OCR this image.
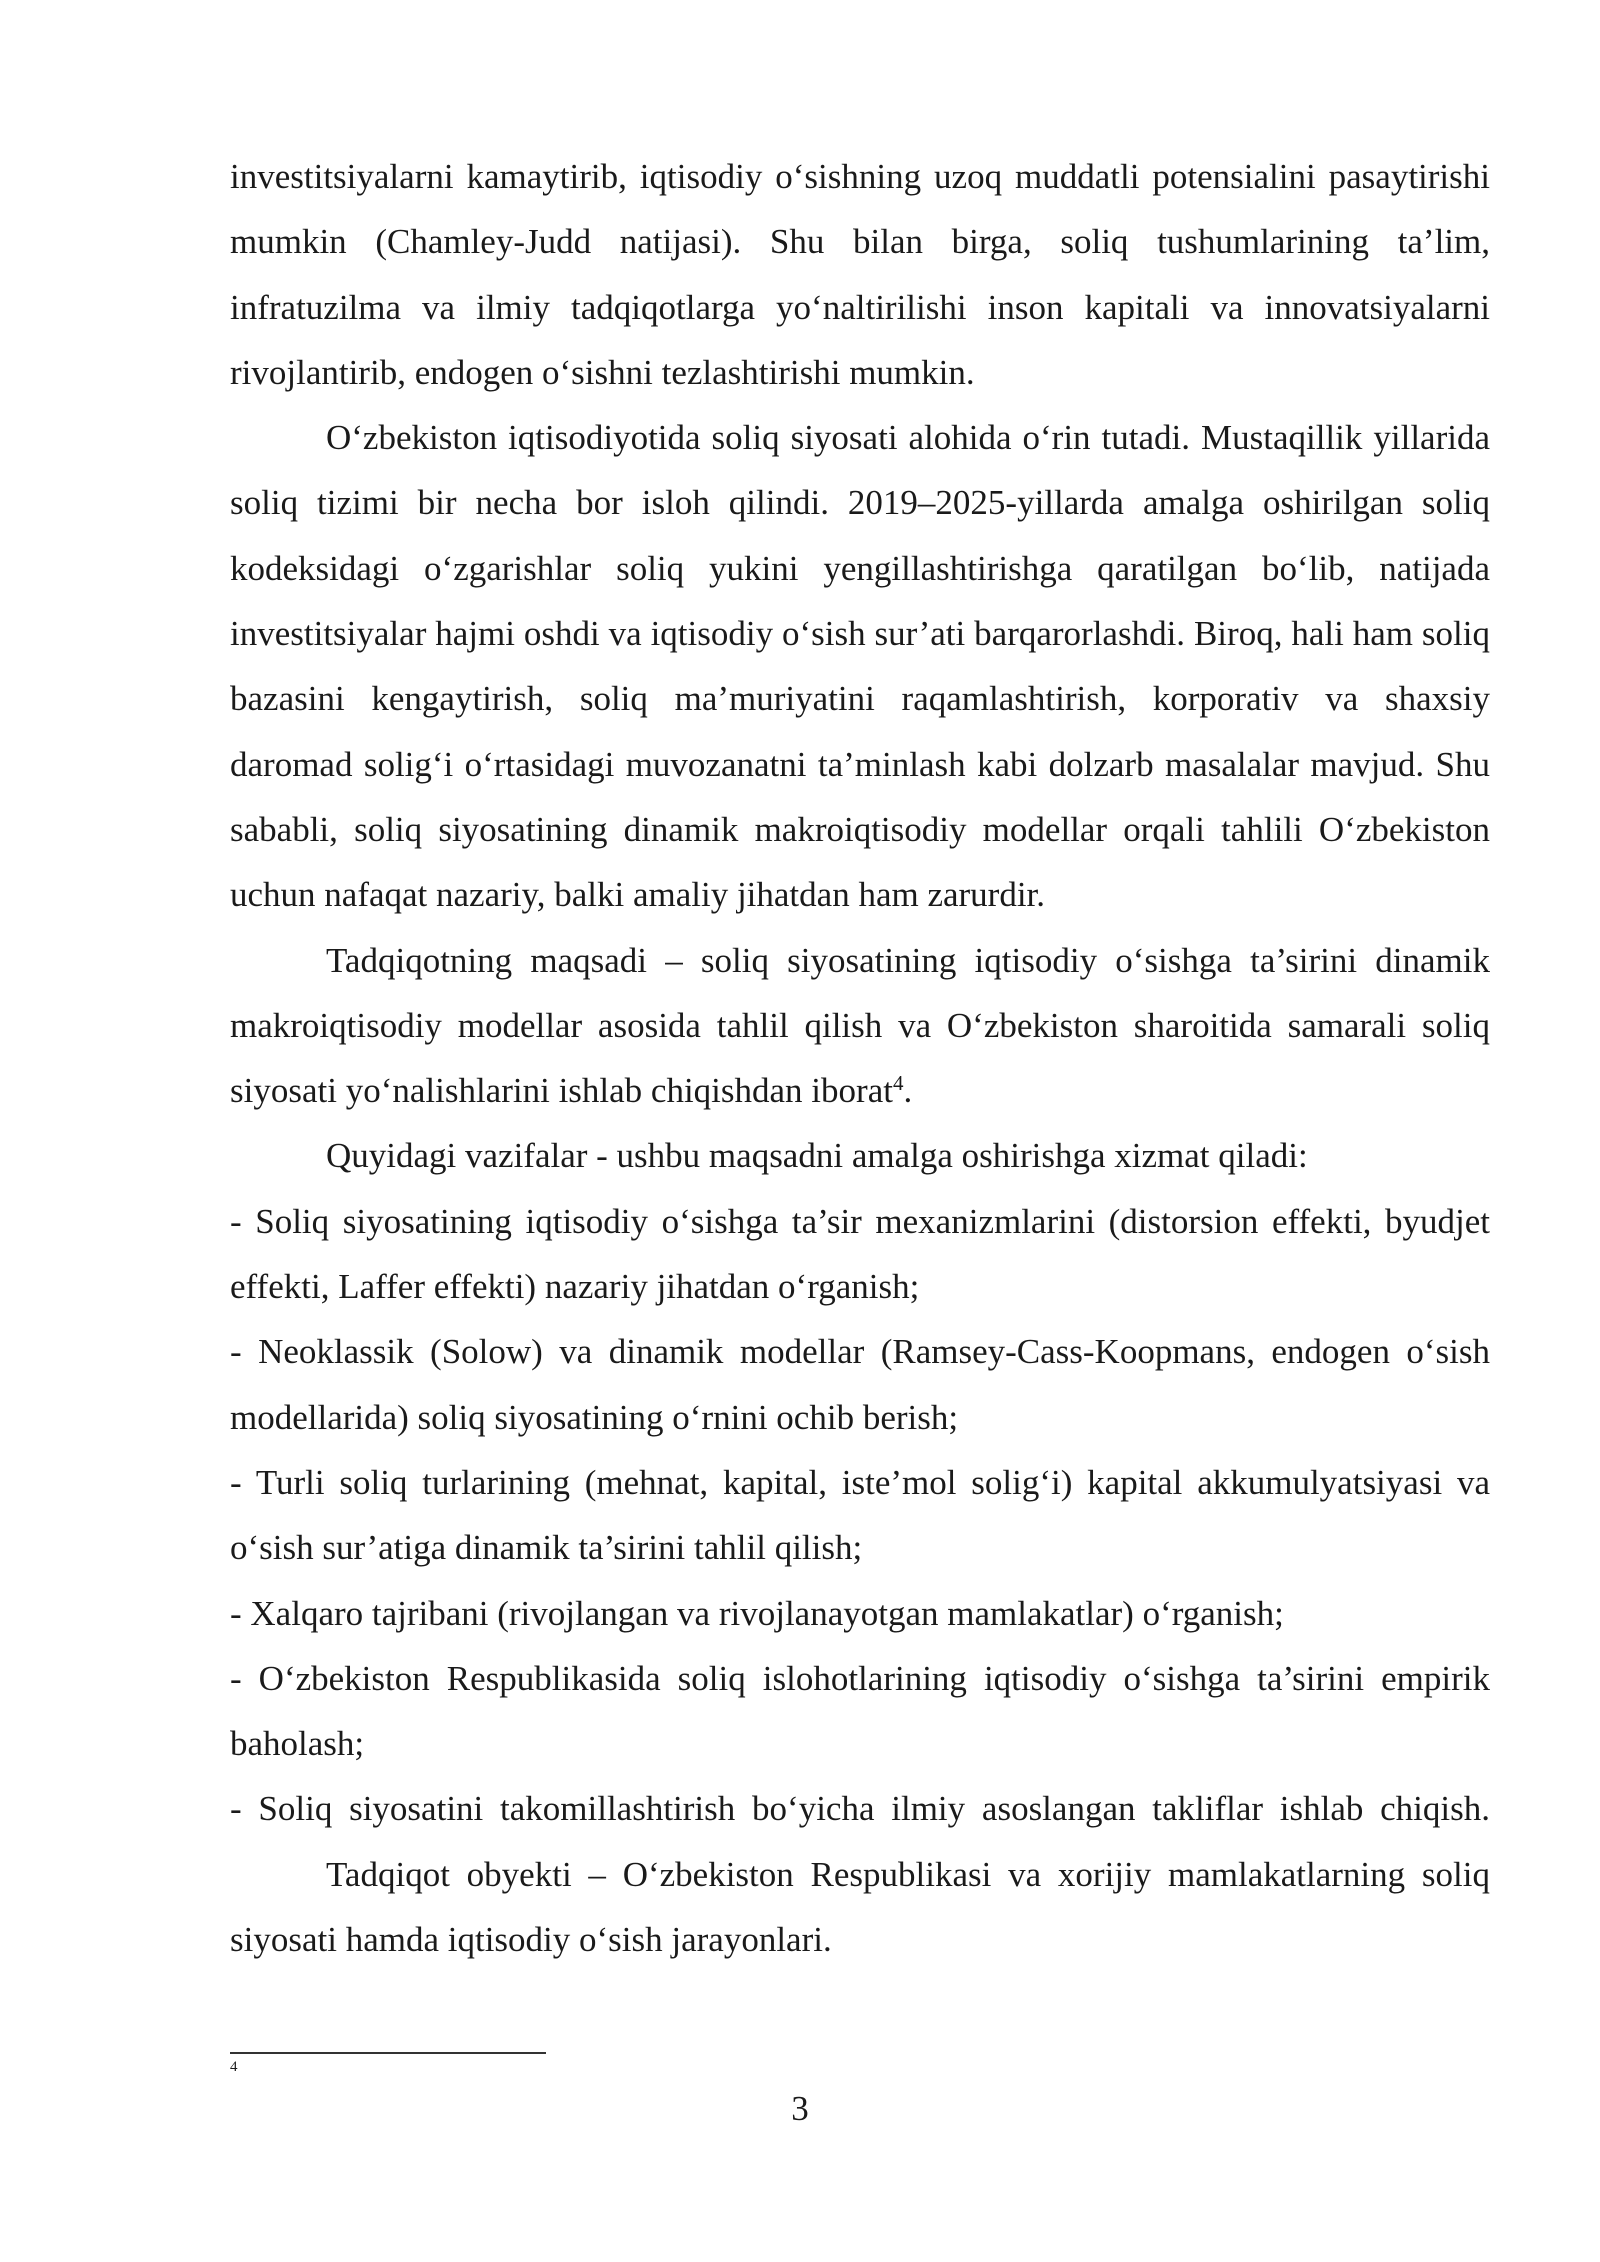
investitsiyalarni kamaytirib, iqtisodiy o‘sishning uzoq muddatli potensialini pasaytirishi mumkin (Chamley-Judd natijasi). Shu bilan birga, soliq tushumlarining ta’lim, infratuzilma va ilmiy tadqiqotlarga yo‘naltirilishi inson kapitali va innovatsiyalarni rivojlantirib, endogen o‘sishni tezlashtirishi mumkin.

O‘zbekiston iqtisodiyotida soliq siyosati alohida o‘rin tutadi. Mustaqillik yillarida soliq tizimi bir necha bor isloh qilindi. 2019–2025-yillarda amalga oshirilgan soliq kodeksidagi o‘zgarishlar soliq yukini yengillashtirishga qaratilgan bo‘lib, natijada investitsiyalar hajmi oshdi va iqtisodiy o‘sish sur’ati barqarorlashdi. Biroq, hali ham soliq bazasini kengaytirish, soliq ma’muriyatini raqamlashtirish, korporativ va shaxsiy daromad solig‘i o‘rtasidagi muvozanatni ta’minlash kabi dolzarb masalalar mavjud. Shu sababli, soliq siyosatining dinamik makroiqtisodiy modellar orqali tahlili O‘zbekiston uchun nafaqat nazariy, balki amaliy jihatdan ham zarurdir.

Tadqiqotning maqsadi – soliq siyosatining iqtisodiy o‘sishga ta’sirini dinamik makroiqtisodiy modellar asosida tahlil qilish va O‘zbekiston sharoitida samarali soliq siyosati yo‘nalishlarini ishlab chiqishdan iborat$^4$.

Quyidagi vazifalar - ushbu maqsadni amalga oshirishga xizmat qiladi:

- Soliq siyosatining iqtisodiy o‘sishga ta’sir mexanizmlarini (distorsion effekti, byudjet effekti, Laffer effekti) nazariy jihatdan o‘rganish;

- Neoklassik (Solow) va dinamik modellar (Ramsey-Cass-Koopmans, endogen o‘sish modellarida) soliq siyosatining o‘rnini ochib berish;

- Turli soliq turlarining (mehnat, kapital, iste’mol solig‘i) kapital akkumulyatsiyasi va o‘sish sur’atiga dinamik ta’sirini tahlil qilish;

- Xalqaro tajribani (rivojlangan va rivojlanayotgan mamlakatlar) o‘rganish;

- O‘zbekiston Respublikasida soliq islohotlarining iqtisodiy o‘sishga ta’sirini empirik baholash;

- Soliq siyosatini takomillashtirish bo‘yicha ilmiy asoslangan takliflar ishlab chiqish.

Tadqiqot obyekti – O‘zbekiston Respublikasi va xorijiy mamlakatlarning soliq siyosati hamda iqtisodiy o‘sish jarayonlari.

4
3
